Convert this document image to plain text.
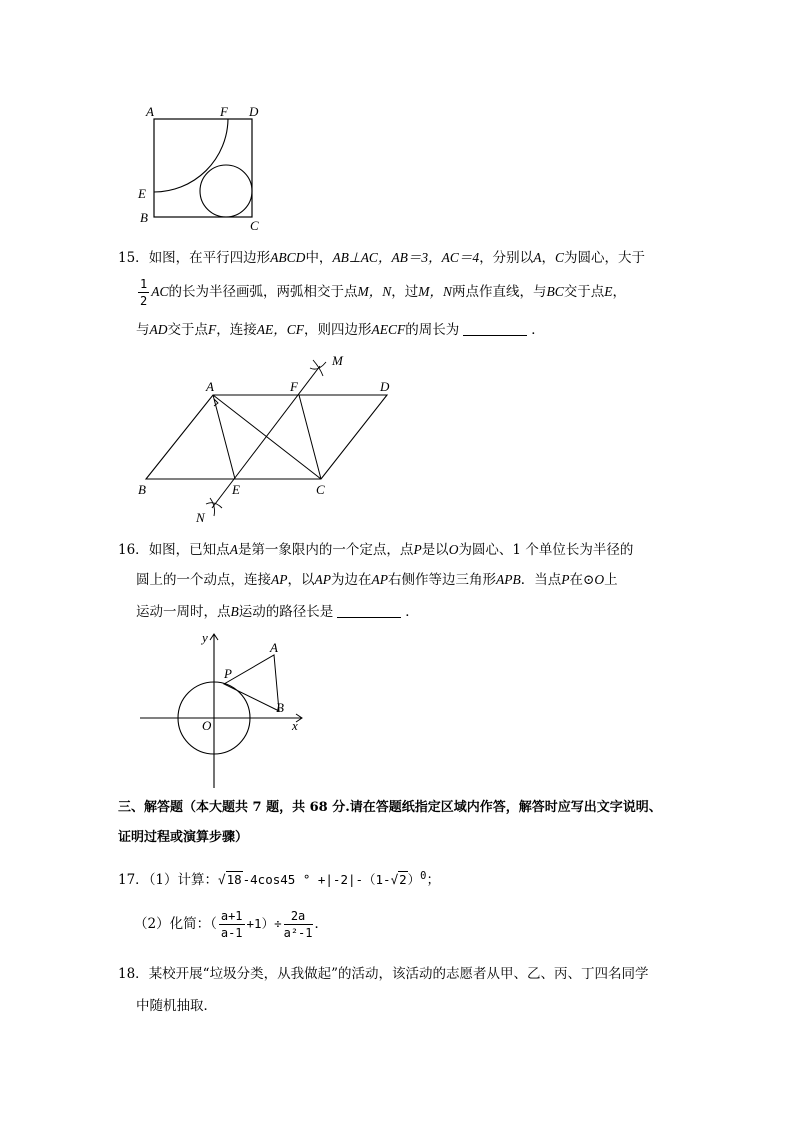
A	F D
E
B
C
15．如图，在平行四边形ABCD中，AB⊥AC，AB＝3，AC＝4，分别以A，C为圆心，大于
$\frac{1}{2}$ AC的长为半径画弧，两弧相交于点M，N，过M，N两点作直线，与BC交于点E，
与AD交于点F，连接AE，CF，则四边形AECF的周长为	．
A	F
M
D
B	E	C
N
16．如图，已知点A是第一象限内的一个定点，点P是以O为圆心、1 个单位长为半径的
圆上的一个动点，连接AP，以AP为边在AP右侧作等边三角形APB．当点P在⊙O上
运动一周时，点B运动的路径长是	．
y
A
P
B
O	x
三、解答题（本大题共 7 题，共 68 分.请在答题纸指定区域内作答，解答时应写出文字说明、
证明过程或演算步骤）
17．（1）计算：√18-4cos45 ° $+|-2|-(1-√2)^0$；
（2）化简：（ $\frac{a+1}{a-1} +1)\div \frac{2a}{\text{a²-1}}$ ．
18．某校开展“垃圾分类，从我做起”的活动，该活动的志愿者从甲、乙、丙、丁四名同学
中随机抽取．
